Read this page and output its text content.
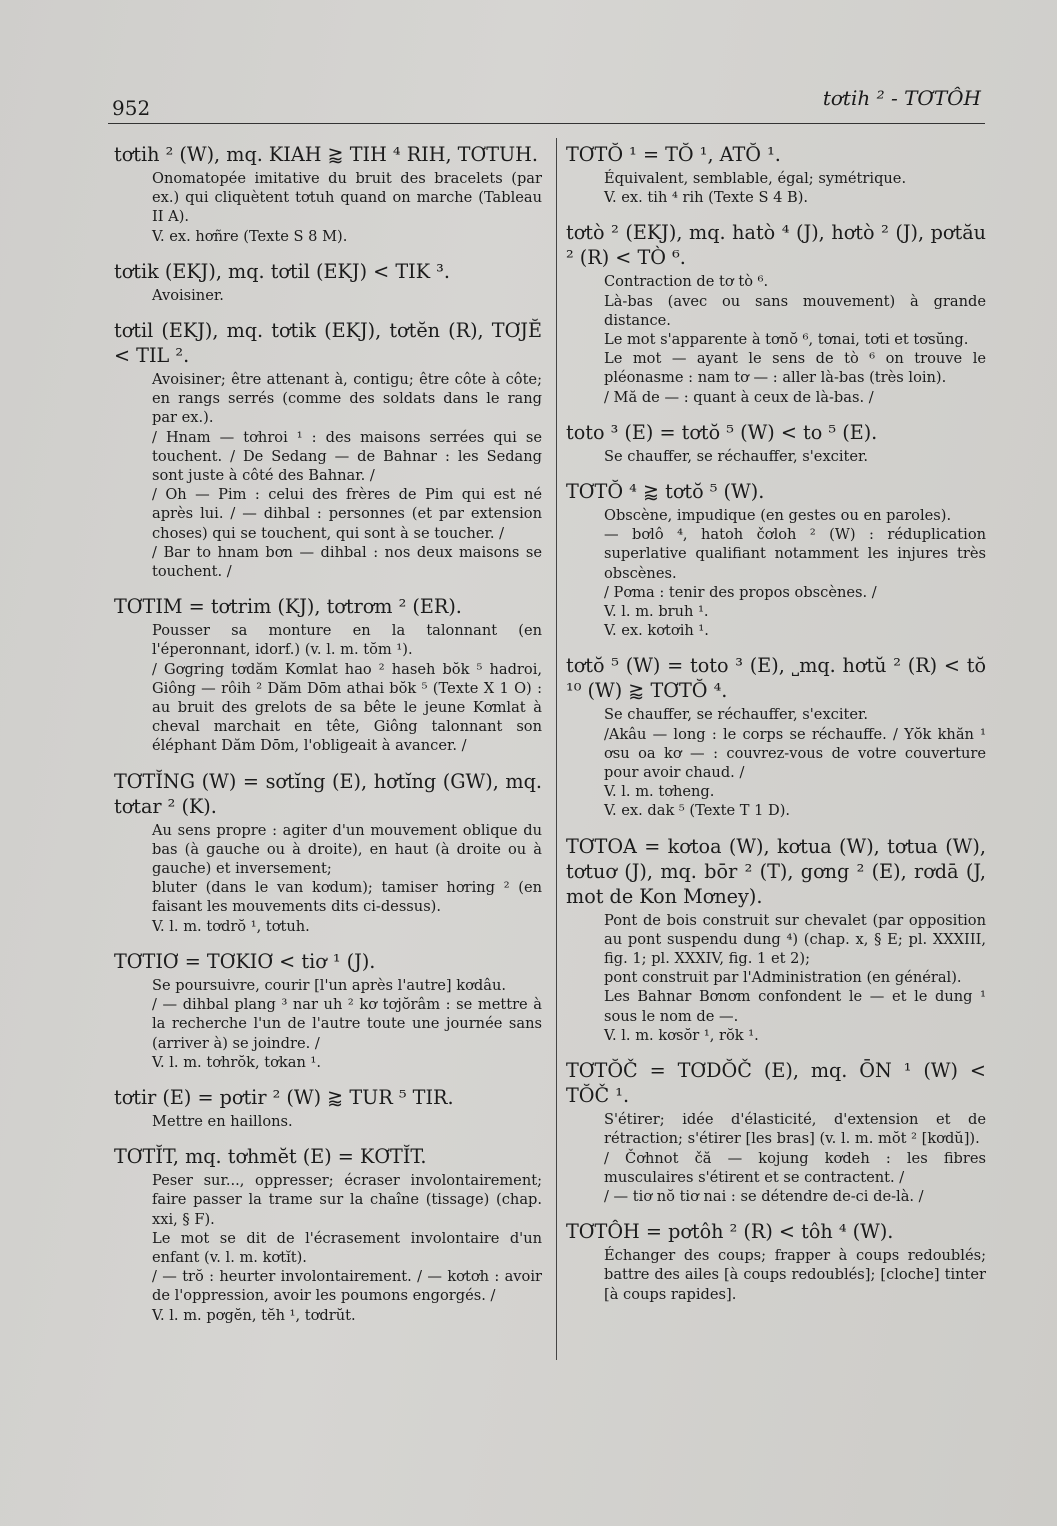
952	tơtih ² - TƠTÔH
tơtih ² (W), mq. KIAH ⪆ TIH ⁴ RIH, TƠTUH.
Onomatopée imitative du bruit des bracelets (par ex.) qui cliquètent tơtuh quand on marche (Tableau II A).
V. ex. hơñre (Texte S 8 M).
tơtik (EKJ), mq. tơtil (EKJ) < TIK ³.
Avoisiner.
tơtil (EKJ), mq. tơtik (EKJ), tơtĕn (R), TƠJĔ < TIL ².
Avoisiner; être attenant à, contigu; être côte à côte; en rangs serrés (comme des soldats dans le rang par ex.).
/ Hnam — tơhroi ¹ : des maisons serrées qui se touchent. / De Sedang — de Bahnar : les Sedang sont juste à côté des Bahnar. /
/ Oh — Pim : celui des frères de Pim qui est né après lui. / — dihbal : personnes (et par extension choses) qui se touchent, qui sont à se toucher. /
/ Bar to hnam bơn — dihbal : nos deux maisons se touchent. /
TƠTIM = tơtrim (KJ), tơtrơm ² (ER).
Pousser sa monture en la talonnant (en l'éperonnant, idorf.) (v. l. m. tŏm ¹).
/ Gơgring tơdăm Kơmlat hao ² haseh bŏk ⁵ hadroi, Giông — rôih ² Dăm Dōm athai bŏk ⁵ (Texte X 1 O) : au bruit des grelots de sa bête le jeune Kơmlat à cheval marchait en tête, Giông talonnant son éléphant Dăm Dōm, l'obligeait à avancer. /
TƠTĬNG (W) = sơtĭng (E), hơtĭng (GW), mq. tơtar ² (K).
Au sens propre : agiter d'un mouvement oblique du bas (à gauche ou à droite), en haut (à droite ou à gauche) et inversement;
bluter (dans le van kơdum); tamiser hơring ² (en faisant les mouvements dits ci-dessus).
V. l. m. tơdrŏ ¹, tơtuh.
TƠTIƠ = TƠKIƠ < tiơ ¹ (J).
Se poursuivre, courir [l'un après l'autre] kơdâu.
/ — dihbal plang ³ nar uh ² kơ tơjŏrâm : se mettre à la recherche l'un de l'autre toute une journée sans (arriver à) se joindre. /
V. l. m. tơhrŏk, tơkan ¹.
tơtir (E) = pơtir ² (W) ⪆ TUR ⁵ TIR.
Mettre en haillons.
TƠTĬT, mq. tơhmĕt (E) = KƠTĬT.
Peser sur..., oppresser; écraser involontairement; faire passer la trame sur la chaîne (tissage) (chap. xxi, § F).
Le mot se dit de l'écrasement involontaire d'un enfant (v. l. m. kơtĭt).
/ — trŏ : heurter involontairement. / — kơtơh : avoir de l'oppression, avoir les poumons engorgés. /
V. l. m. pơgĕn, tĕh ¹, tơdrŭt.
TƠTŎ ¹ = TŎ ¹, ATŎ ¹.
Équivalent, semblable, égal; symétrique.
V. ex. tih ⁴ rih (Texte S 4 B).
tơtò ² (EKJ), mq. hatò ⁴ (J), hơtò ² (J), pơtău ² (R) < TÒ ⁶.
Contraction de tơ tò ⁶.
Là-bas (avec ou sans mouvement) à grande distance.
Le mot s'apparente à tơnŏ ⁶, tơnai, tơti et tơsŭng.
Le mot — ayant le sens de tò ⁶ on trouve le pléonasme : nam tơ — : aller là-bas (très loin).
/ Mă de — : quant à ceux de là-bas. /
toto ³ (E) = tơtŏ ⁵ (W) < to ⁵ (E).
Se chauffer, se réchauffer, s'exciter.
TƠTŎ ⁴ ⪆ tơtŏ ⁵ (W).
Obscène, impudique (en gestes ou en paroles).
— bơlô ⁴, hatoh čơloh ² (W) : réduplication superlative qualifiant notamment les injures très obscènes.
/ Pơma : tenir des propos obscènes. /
V. l. m. bruh ¹.
V. ex. kơtơih ¹.
tơtŏ ⁵ (W) = toto ³ (E), ˽mq. hơtŭ ² (R) < tŏ ¹⁰ (W) ⪆ TƠTŎ ⁴.
Se chauffer, se réchauffer, s'exciter.
/Akâu — long : le corps se réchauffe. / Yŏk khăn ¹ ơsu oa kơ — : couvrez-vous de votre couverture pour avoir chaud. /
V. l. m. tơheng.
V. ex. dak ⁵ (Texte T 1 D).
TƠTOA = kơtoa (W), kơtua (W), tơtua (W), tơtuơ (J), mq. bōr ² (T), gơng ² (E), rơdā (J, mot de Kon Mơney).
Pont de bois construit sur chevalet (par opposition au pont suspendu dung ⁴) (chap. x, § E; pl. XXXIII, fig. 1; pl. XXXIV, fig. 1 et 2);
pont construit par l'Administration (en général).
Les Bahnar Bơnơm confondent le — et le dung ¹ sous le nom de —.
V. l. m. kơsŏr ¹, rŏk ¹.
TƠTŎČ = TƠDŎČ (E), mq. ŌN ¹ (W) < TŎČ ¹.
S'étirer; idée d'élasticité, d'extension et de rétraction; s'étirer [les bras] (v. l. m. mŏt ² [kơdŭ]).
/ Čơhnot čă — kojung kơdeh : les fibres musculaires s'étirent et se contractent. /
/ — tiơ nŏ tiơ nai : se détendre de-ci de-là. /
TƠTÔH = pơtôh ² (R) < tôh ⁴ (W).
Échanger des coups; frapper à coups redoublés; battre des ailes [à coups redoublés]; [cloche] tinter [à coups rapides].
